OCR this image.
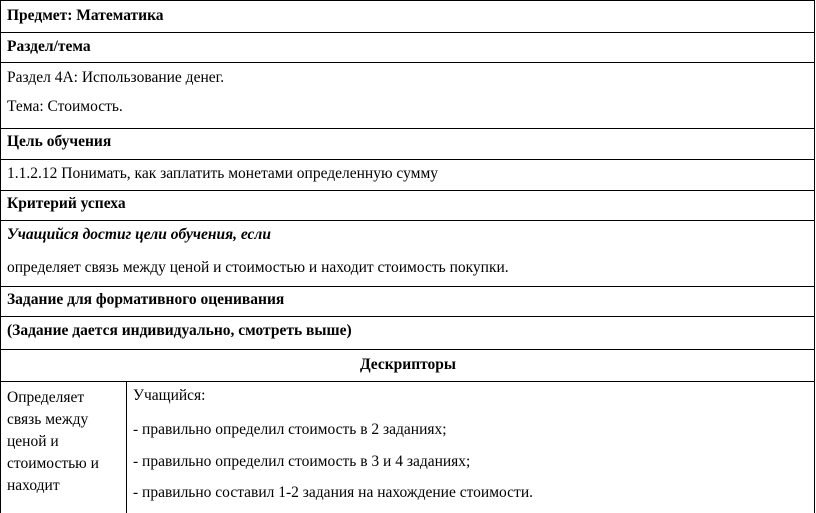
Предмет: Математика
Раздел/тема
Раздел 4А: Использование денег.
Тема: Стоимость.
Цель обучения
1.1.2.12 Понимать, как заплатить монетами определенную сумму
Критерий успеха
Учащийся достиг цели обучения, если
определяет связь между ценой и стоимостью и находит стоимость покупки.
Задание для формативного оценивания
(Задание дается индивидуально, смотреть выше)
Дескрипторы
Определяет
связь между
ценой и
стоимостью и
находит
Учащийся:
- правильно определил стоимость в 2 заданиях;
- правильно определил стоимость в 3 и 4 заданиях;
- правильно составил 1-2 задания на нахождение стоимости.
